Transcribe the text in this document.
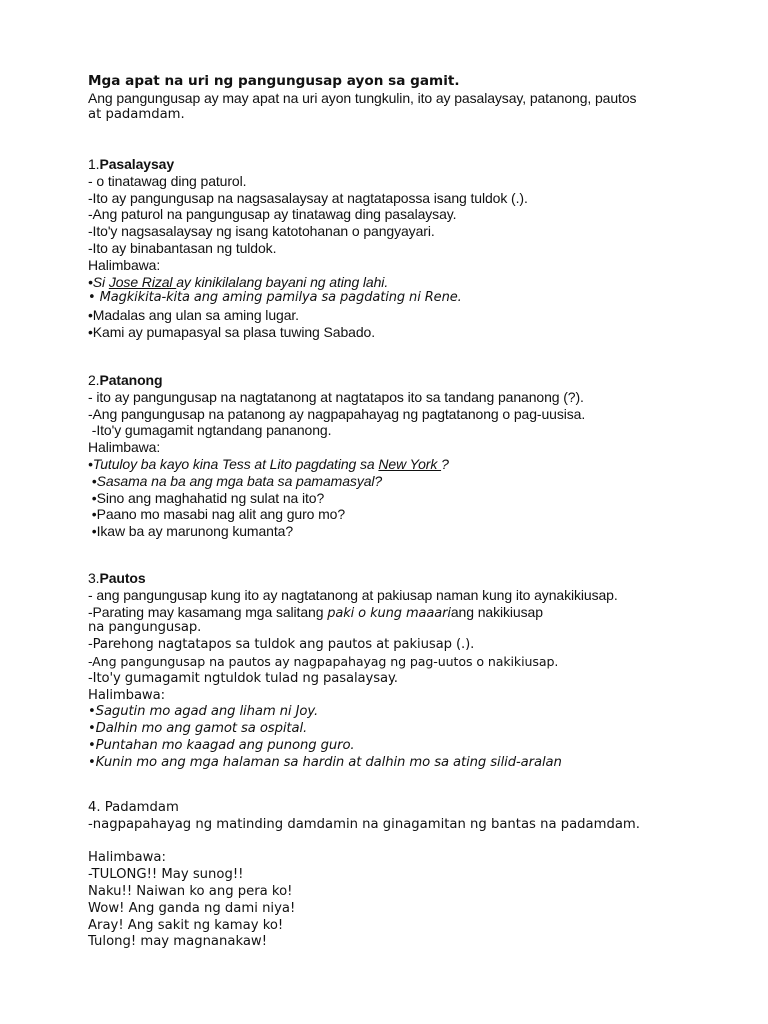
Mga apat na uri ng pangungusap ayon sa gamit.
Ang pangungusap ay may apat na uri ayon tungkulin, ito ay pasalaysay, patanong, pautos
at padamdam.
1.Pasalaysay
- o tinatawag ding paturol.
-Ito ay pangungusap na nagsasalaysay at nagtatapossa isang tuldok (.).
-Ang paturol na pangungusap ay tinatawag ding pasalaysay.
-Ito'y nagsasalaysay ng isang katotohanan o pangyayari.
-Ito ay binabantasan ng tuldok.
Halimbawa:
•Si Jose Rizal ay kinikilalang bayani ng ating lahi.
• Magkikita-kita ang aming pamilya sa pagdating ni Rene.
•Madalas ang ulan sa aming lugar.
•Kami ay pumapasyal sa plasa tuwing Sabado.
2.Patanong
- ito ay pangungusap na nagtatanong at nagtatapos ito sa tandang pananong (?).
-Ang pangungusap na patanong ay nagpapahayag ng pagtatanong o pag-uusisa.
-Ito'y gumagamit ngtandang pananong.
Halimbawa:
•Tutuloy ba kayo kina Tess at Lito pagdating sa New York ?
•Sasama na ba ang mga bata sa pamamasyal?
•Sino ang maghahatid ng sulat na ito?
•Paano mo masabi nag alit ang guro mo?
•Ikaw ba ay marunong kumanta?
3.Pautos
- ang pangungusap kung ito ay nagtatanong at pakiusap naman kung ito aynakikiusap.
-Parating may kasamang mga salitang paki o kung maaariang nakikiusap
na pangungusap.
-Parehong nagtatapos sa tuldok ang pautos at pakiusap (.).
-Ang pangungusap na pautos ay nagpapahayag ng pag-uutos o nakikiusap.
-Ito'y gumagamit ngtuldok tulad ng pasalaysay.
Halimbawa:
•Sagutin mo agad ang liham ni Joy.
•Dalhin mo ang gamot sa ospital.
•Puntahan mo kaagad ang punong guro.
•Kunin mo ang mga halaman sa hardin at dalhin mo sa ating silid-aralan
4. Padamdam
-nagpapahayag ng matinding damdamin na ginagamitan ng bantas na padamdam.
Halimbawa:
-TULONG!! May sunog!!
Naku!! Naiwan ko ang pera ko!
Wow! Ang ganda ng dami niya!
Aray! Ang sakit ng kamay ko!
Tulong! may magnanakaw!
